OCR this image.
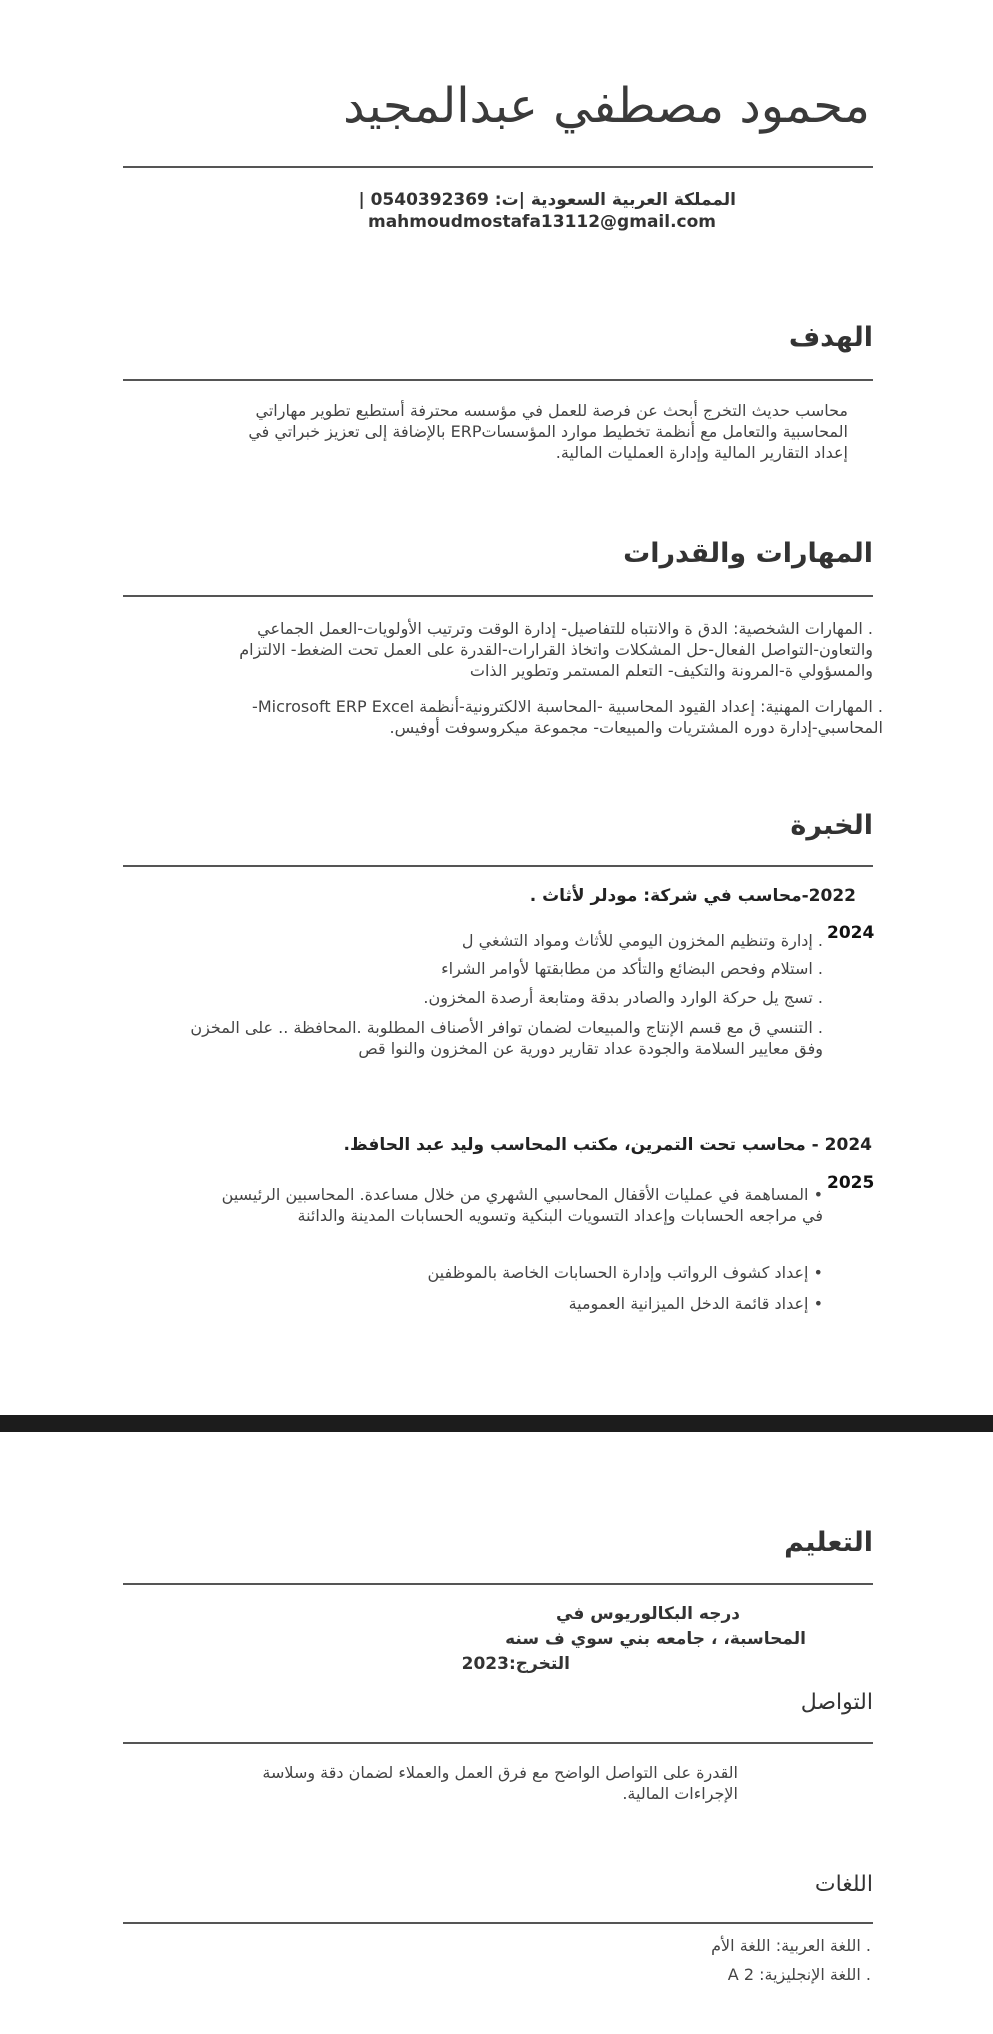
محمود مصطفي عبدالمجيد
المملكة العربية السعودية |ت: 0540392369 |
mahmoudmostafa13112@gmail.com
الهدف
محاسب حديث التخرج أبحث عن فرصة للعمل في مؤسسه محترفة أستطيع تطوير مهاراتي المحاسبية والتعامل مع أنظمة تخطيط موارد المؤسساتERP بالإضافة إلى تعزيز خبراتي في إعداد التقارير المالية وإدارة العمليات المالية.
المهارات والقدرات
. المهارات الشخصية: الدق ة والانتباه للتفاصيل- إدارة الوقت وترتيب الأولويات-العمل الجماعي والتعاون-التواصل الفعال-حل المشكلات واتخاذ القرارات-القدرة على العمل تحت الضغط- الالتزام والمسؤولي ة-المرونة والتكيف- التعلم المستمر وتطوير الذات
. المهارات المهنية: إعداد القيود المحاسبية -المحاسبة الالكترونية-أنظمة Microsoft ERP Excel- المحاسبي-إدارة دوره المشتريات والمبيعات- مجموعة ميكروسوفت أوفيس.
الخبرة
2022-محاسب في شركة: مودلر لأثاث .
2024
. إدارة وتنظيم المخزون اليومي للأثاث ومواد التشغي ل
. استلام وفحص البضائع والتأكد من مطابقتها لأوامر الشراء
. تسج يل حركة الوارد والصادر بدقة ومتابعة أرصدة المخزون.
. التنسي ق مع قسم الإنتاج والمبيعات لضمان توافر الأصناف المطلوبة .المحافظة .. على المخزن وفق معايير السلامة والجودة عداد تقارير دورية عن المخزون والنوا قص
2024 - محاسب تحت التمرين، مكتب المحاسب وليد عبد الحافظ.
2025
• المساهمة في عمليات الأقفال المحاسبي الشهري من خلال مساعدة. المحاسبين الرئيسين في مراجعه الحسابات وإعداد التسويات البنكية وتسويه الحسابات المدينة والدائنة
• إعداد كشوف الرواتب وإدارة الحسابات الخاصة بالموظفين
• إعداد قائمة الدخل الميزانية العمومية
التعليم
درجه البكالوريوس في
المحاسبة، ، جامعه بني سوي ف سنه
التخرج:2023
التواصل
القدرة على التواصل الواضح مع فرق العمل والعملاء لضمان دقة وسلاسة الإجراءات المالية.
اللغات
. اللغة العربية: اللغة الأم
. اللغة الإنجليزية: A 2
